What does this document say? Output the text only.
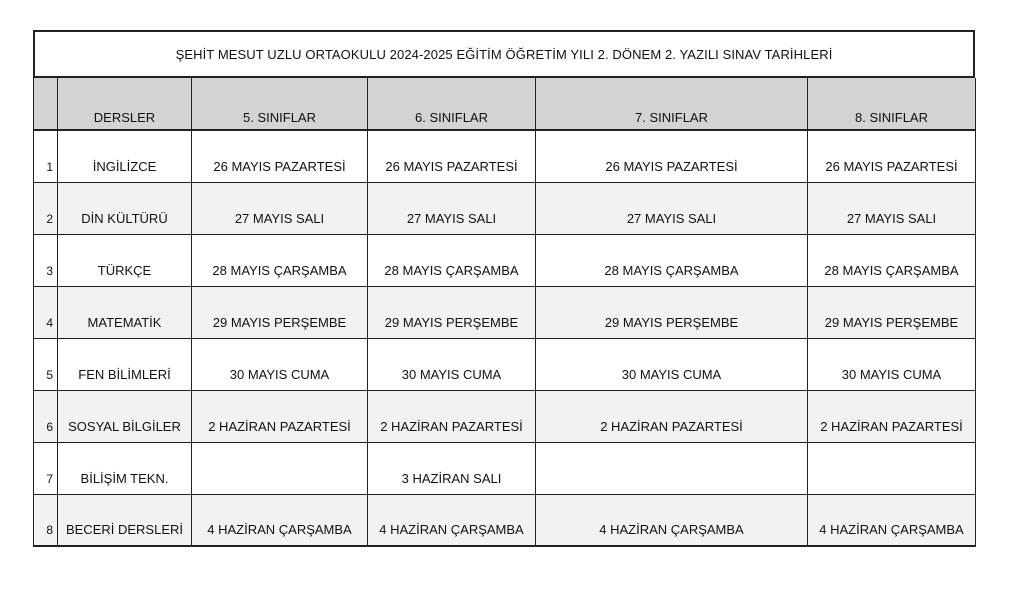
ŞEHİT MESUT UZLU ORTAOKULU 2024-2025 EĞİTİM ÖĞRETİM YILI 2. DÖNEM 2. YAZILI SINAV TARİHLERİ
	DERSLER	5. SINIFLAR	6. SINIFLAR	7. SINIFLAR	8. SINIFLAR
1	İNGİLİZCE	26 MAYIS PAZARTESİ	26 MAYIS PAZARTESİ	26 MAYIS PAZARTESİ	26 MAYIS PAZARTESİ
2	DİN KÜLTÜRÜ	27 MAYIS SALI	27 MAYIS SALI	27 MAYIS SALI	27 MAYIS SALI
3	TÜRKÇE	28 MAYIS ÇARŞAMBA	28 MAYIS ÇARŞAMBA	28 MAYIS ÇARŞAMBA	28 MAYIS ÇARŞAMBA
4	MATEMATİK	29 MAYIS PERŞEMBE	29 MAYIS PERŞEMBE	29 MAYIS PERŞEMBE	29 MAYIS PERŞEMBE
5	FEN BİLİMLERİ	30 MAYIS CUMA	30 MAYIS CUMA	30 MAYIS CUMA	30 MAYIS CUMA
6	SOSYAL BİLGİLER	2 HAZİRAN PAZARTESİ	2 HAZİRAN PAZARTESİ	2 HAZİRAN PAZARTESİ	2 HAZİRAN PAZARTESİ
7	BİLİŞİM TEKN.		3 HAZİRAN SALI		
8	BECERİ DERSLERİ	4 HAZİRAN ÇARŞAMBA	4 HAZİRAN ÇARŞAMBA	4 HAZİRAN ÇARŞAMBA	4 HAZİRAN ÇARŞAMBA
